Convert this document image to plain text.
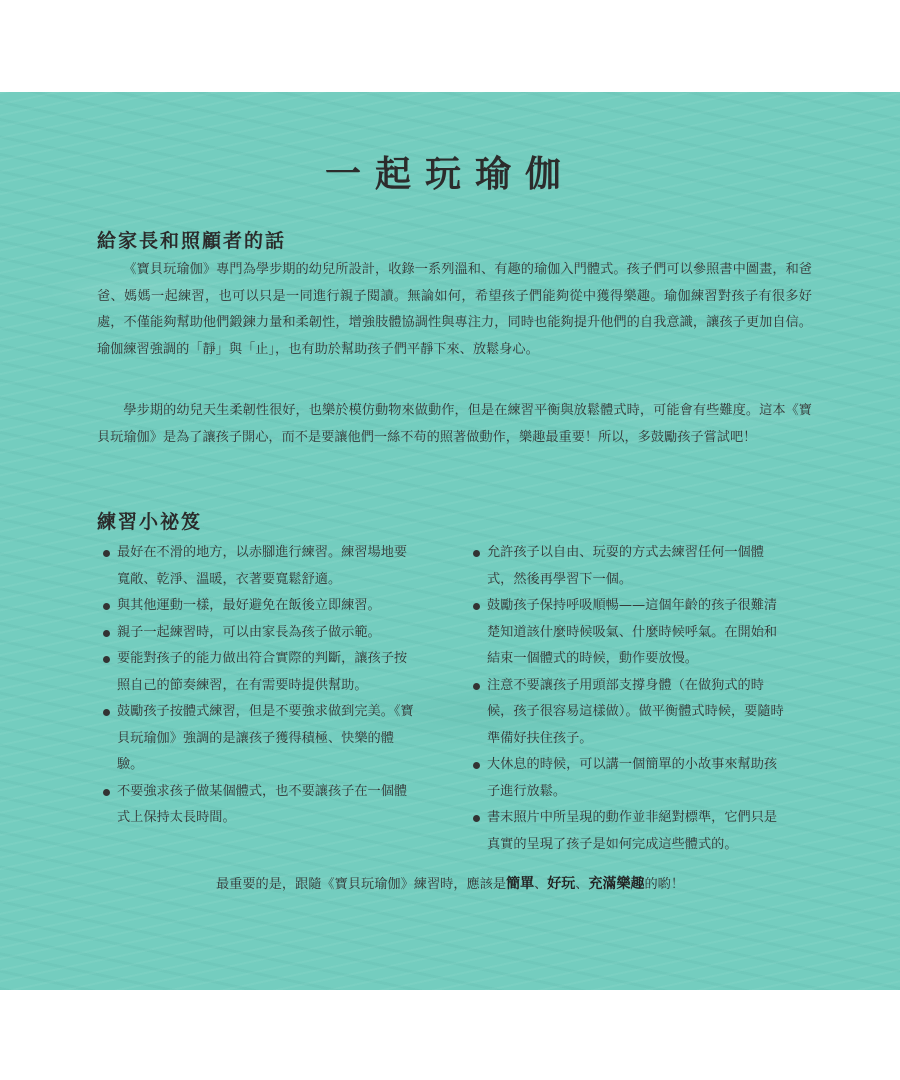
一起玩瑜伽
給家長和照顧者的話

《寶貝玩瑜伽》專門為學步期的幼兒所設計，收錄一系列溫和、有趣的瑜伽入門體式。孩子們可以參照書中圖畫，和爸爸、媽媽一起練習，也可以只是一同進行親子閱讀。無論如何，希望孩子們能夠從中獲得樂趣。瑜伽練習對孩子有很多好處，不僅能夠幫助他們鍛鍊力量和柔韌性，增強肢體協調性與專注力，同時也能夠提升他們的自我意識，讓孩子更加自信。瑜伽練習強調的「靜」與「止」，也有助於幫助孩子們平靜下來、放鬆身心。

學步期的幼兒天生柔韌性很好，也樂於模仿動物來做動作，但是在練習平衡與放鬆體式時，可能會有些難度。這本《寶貝玩瑜伽》是為了讓孩子開心，而不是要讓他們一絲不苟的照著做動作，樂趣最重要！所以，多鼓勵孩子嘗試吧！

練習小祕笈
最好在不滑的地方，以赤腳進行練習。練習場地要寬敞、乾淨、溫暖，衣著要寬鬆舒適。
與其他運動一樣，最好避免在飯後立即練習。
親子一起練習時，可以由家長為孩子做示範。
要能對孩子的能力做出符合實際的判斷，讓孩子按照自己的節奏練習，在有需要時提供幫助。
鼓勵孩子按體式練習，但是不要強求做到完美。《寶貝玩瑜伽》強調的是讓孩子獲得積極、快樂的體驗。
不要強求孩子做某個體式，也不要讓孩子在一個體式上保持太長時間。
允許孩子以自由、玩耍的方式去練習任何一個體式，然後再學習下一個。
鼓勵孩子保持呼吸順暢——這個年齡的孩子很難清楚知道該什麼時候吸氣、什麼時候呼氣。在開始和結束一個體式的時候，動作要放慢。
注意不要讓孩子用頭部支撐身體（在做狗式的時候，孩子很容易這樣做）。做平衡體式時候，要隨時準備好扶住孩子。
大休息的時候，可以講一個簡單的小故事來幫助孩子進行放鬆。
書末照片中所呈現的動作並非絕對標準，它們只是真實的呈現了孩子是如何完成這些體式的。
最重要的是，跟隨《寶貝玩瑜伽》練習時，應該是簡單、好玩、充滿樂趣的喲！
